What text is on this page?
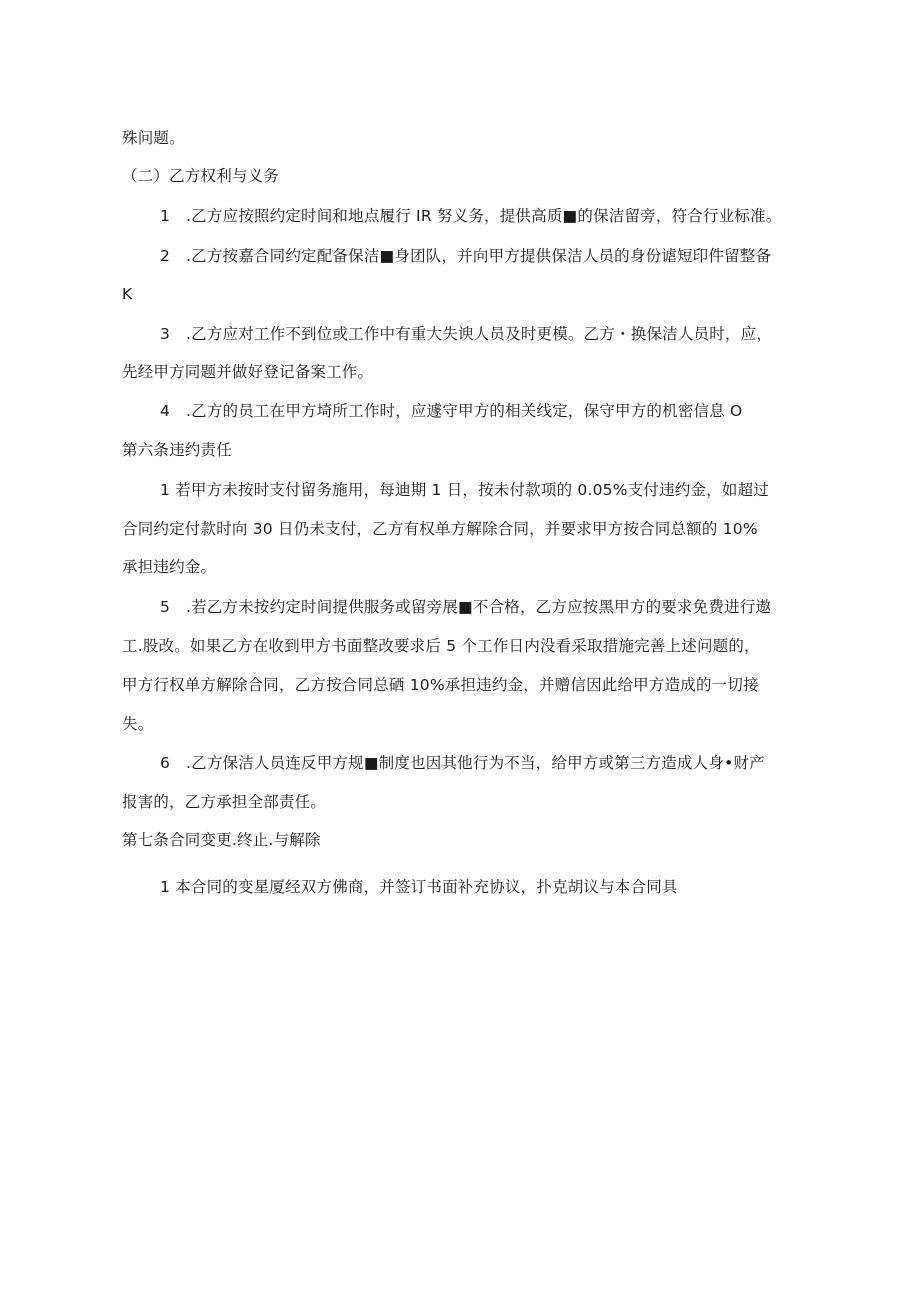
殊问题。
（二）乙方权利与义务
1 .乙方应按照约定时间和地点履行 IR 努义务，提供高质■的保洁留旁，符合行业标准。
2 .乙方按嘉合同约定配备保洁■身团队，并向甲方提供保洁人员的身份谑短印件留整备
K
3 .乙方应对工作不到位或工作中有重大失谀人员及时更模。乙方・换保洁人员时，应，
先经甲方同题并做好登记备案工作。
4 .乙方的员工在甲方埼所工作时，应遽守甲方的相关线定，保守甲方的机密信息 O
第六条违约责任
1 若甲方未按时支付留务施用，每迪期 1 日，按未付款项的 0.05%支付违约金，如超过
合同约定付款时向 30 日仍未支付，乙方有权单方解除合同，并要求甲方按合同总额的 10%
承担违约金。
5 .若乙方未按约定时间提供服务或留旁展■不合格，乙方应按黑甲方的要求免费进行遨
工.股改。如果乙方在收到甲方书面整改要求后 5 个工作日内没看采取措施完善上述问题的，
甲方行权单方解除合同，乙方按合同总硒 10%承担违约金，并赠信因此给甲方造成的一切接
失。
6 .乙方保洁人员连反甲方规■制度也因其他行为不当，给甲方或第三方造成人身•财产
报害的，乙方承担全部责任。
第七条合同变更.终止.与解除
1 本合同的变星厦经双方佛商，并签订书面补充协议，扑克胡议与本合同具
